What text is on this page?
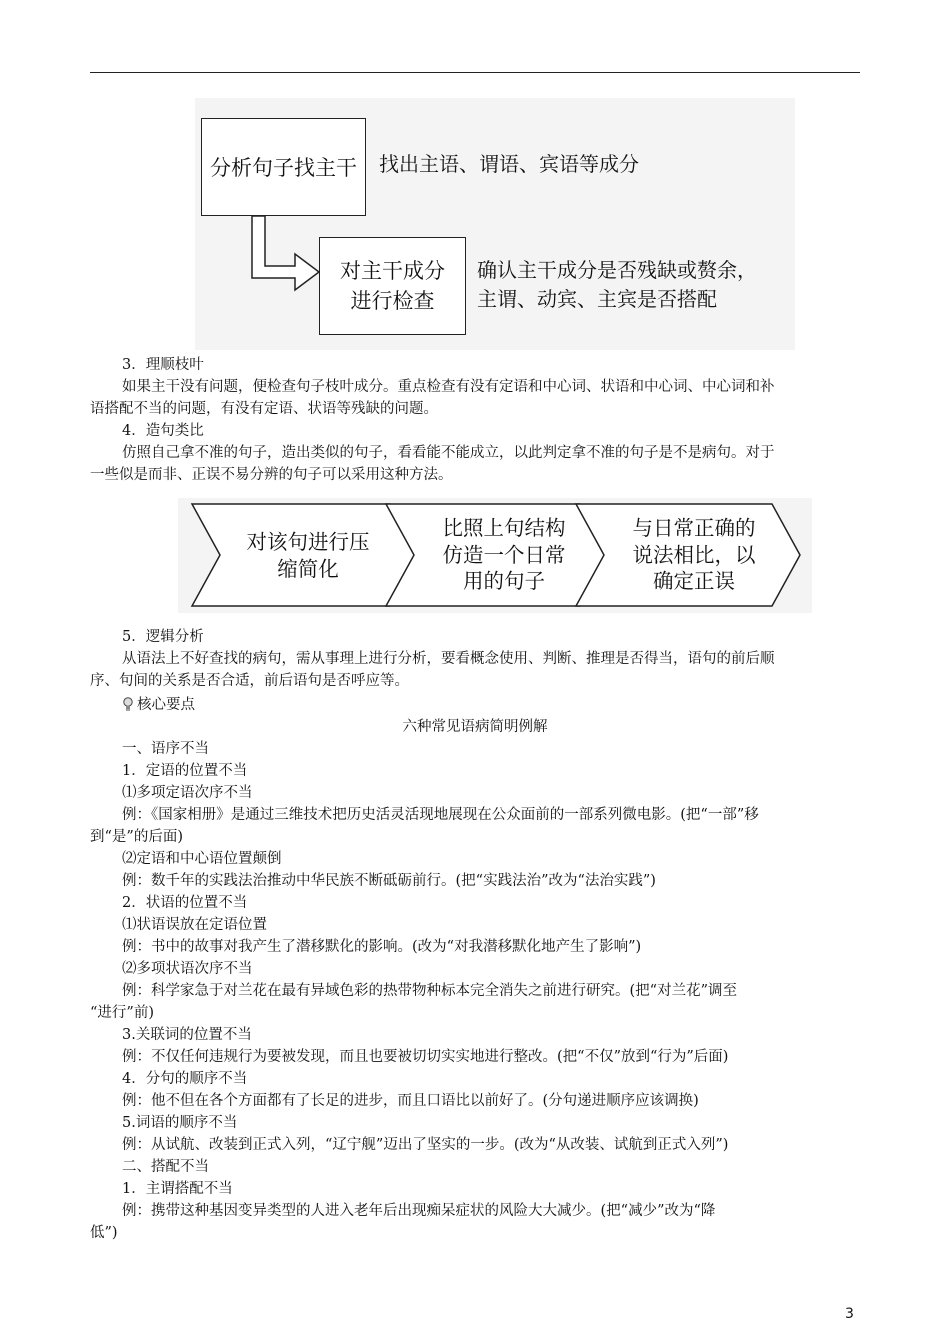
分析句子找主干 找出主语、谓语、宾语等成分
对主干成分
进行检查
确认主干成分是否残缺或赘余，
主谓、动宾、主宾是否搭配
对该句进行压
缩简化
比照上句结构
仿造一个日常
用的句子
与日常正确的
说法相比，以
确定正误
3．理顺枝叶
如果主干没有问题，便检查句子枝叶成分。重点检查有没有定语和中心词、状语和中心词、中心词和补
语搭配不当的问题，有没有定语、状语等残缺的问题。
4．造句类比
仿照自己拿不准的句子，造出类似的句子，看看能不能成立，以此判定拿不准的句子是不是病句。对于
一些似是而非、正误不易分辨的句子可以采用这种方法。
5．逻辑分析
从语法上不好查找的病句，需从事理上进行分析，要看概念使用、判断、推理是否得当，语句的前后顺
序、句间的关系是否合适，前后语句是否呼应等。
核心要点
六种常见语病简明例解
一、语序不当
1．定语的位置不当
⑴多项定语次序不当
例：《国家相册》是通过三维技术把历史活灵活现地展现在公众面前的一部系列微电影。(把“一部”移
到“是”的后面)
⑵定语和中心语位置颠倒
例：数千年的实践法治推动中华民族不断砥砺前行。(把“实践法治”改为“法治实践”)
2．状语的位置不当
⑴状语误放在定语位置
例：书中的故事对我产生了潜移默化的影响。(改为“对我潜移默化地产生了影响”)
⑵多项状语次序不当
例：科学家急于对兰花在最有异域色彩的热带物种标本完全消失之前进行研究。(把“对兰花”调至
“进行”前)
3.关联词的位置不当
例：不仅任何违规行为要被发现，而且也要被切切实实地进行整改。(把“不仅”放到“行为”后面)
4．分句的顺序不当
例：他不但在各个方面都有了长足的进步，而且口语比以前好了。(分句递进顺序应该调换)
5.词语的顺序不当
例：从试航、改装到正式入列，“辽宁舰”迈出了坚实的一步。(改为“从改装、试航到正式入列”)
二、搭配不当
1．主谓搭配不当
例：携带这种基因变异类型的人进入老年后出现痴呆症状的风险大大减少。(把“减少”改为“降
低”)
3
